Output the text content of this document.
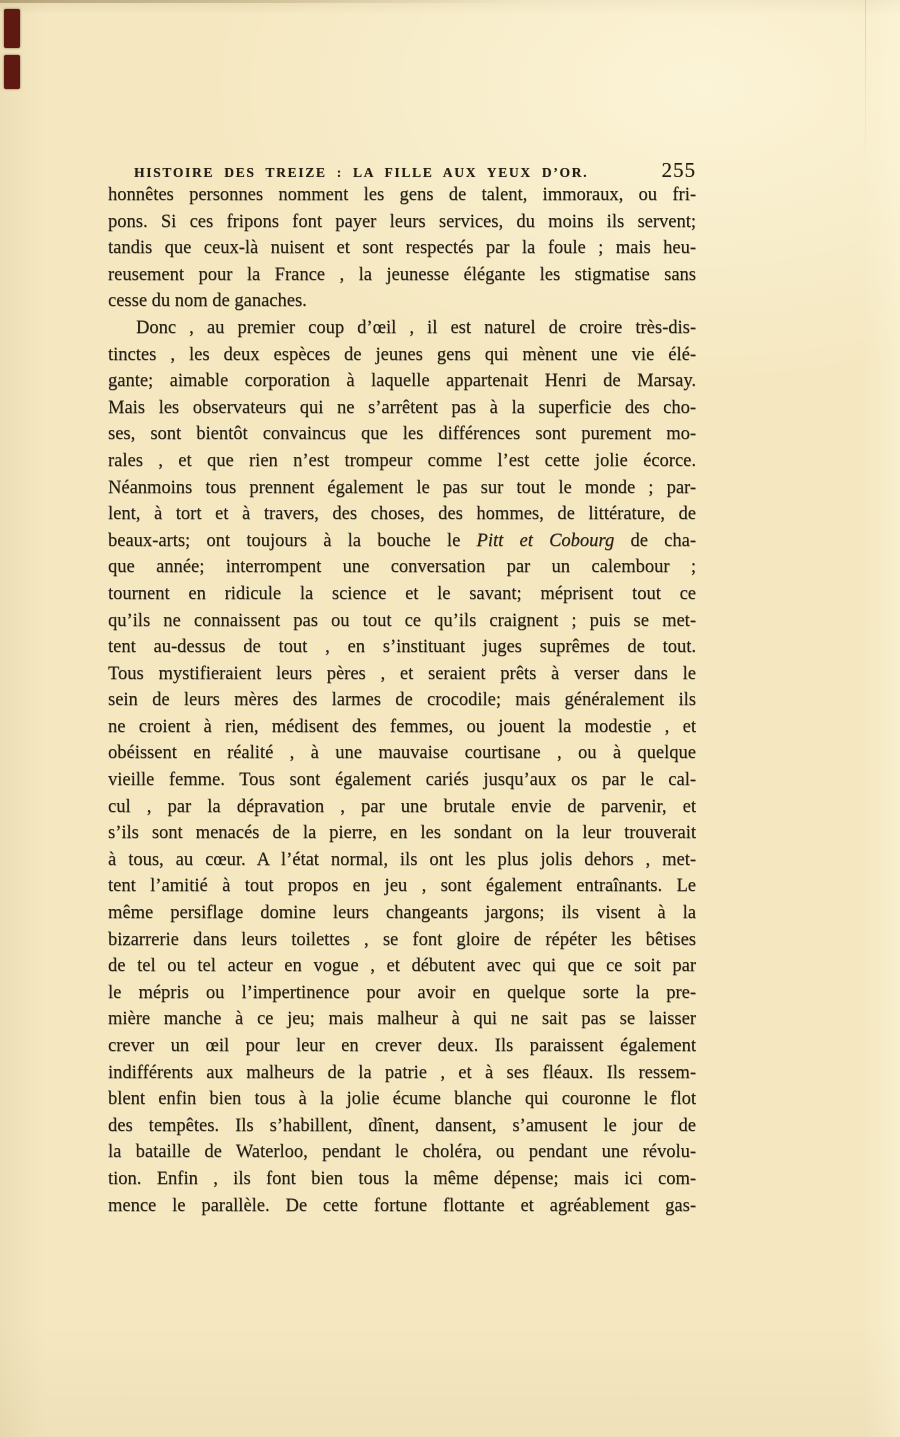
HISTOIRE DES TREIZE : LA FILLE AUX YEUX D’OR.	255
honnêtes personnes nomment les gens de talent, immoraux, ou fri-
pons. Si ces fripons font payer leurs services, du moins ils servent;
tandis que ceux-là nuisent et sont respectés par la foule ; mais heu-
reusement pour la France , la jeunesse élégante les stigmatise sans
cesse du nom de ganaches.
Donc , au premier coup d’œil , il est naturel de croire très-dis-
tinctes , les deux espèces de jeunes gens qui mènent une vie élé-
gante; aimable corporation à laquelle appartenait Henri de Marsay.
Mais les observateurs qui ne s’arrêtent pas à la superficie des cho-
ses, sont bientôt convaincus que les différences sont purement mo-
rales , et que rien n’est trompeur comme l’est cette jolie écorce.
Néanmoins tous prennent également le pas sur tout le monde ; par-
lent, à tort et à travers, des choses, des hommes, de littérature, de
beaux-arts; ont toujours à la bouche le Pitt et Cobourg de cha-
que année; interrompent une conversation par un calembour ;
tournent en ridicule la science et le savant; méprisent tout ce
qu’ils ne connaissent pas ou tout ce qu’ils craignent ; puis se met-
tent au-dessus de tout , en s’instituant juges suprêmes de tout.
Tous mystifieraient leurs pères , et seraient prêts à verser dans le
sein de leurs mères des larmes de crocodile; mais généralement ils
ne croient à rien, médisent des femmes, ou jouent la modestie , et
obéissent en réalité , à une mauvaise courtisane , ou à quelque
vieille femme. Tous sont également cariés jusqu’aux os par le cal-
cul , par la dépravation , par une brutale envie de parvenir, et
s’ils sont menacés de la pierre, en les sondant on la leur trouverait
à tous, au cœur. A l’état normal, ils ont les plus jolis dehors , met-
tent l’amitié à tout propos en jeu , sont également entraînants. Le
même persiflage domine leurs changeants jargons; ils visent à la
bizarrerie dans leurs toilettes , se font gloire de répéter les bêtises
de tel ou tel acteur en vogue , et débutent avec qui que ce soit par
le mépris ou l’impertinence pour avoir en quelque sorte la pre-
mière manche à ce jeu; mais malheur à qui ne sait pas se laisser
crever un œil pour leur en crever deux. Ils paraissent également
indifférents aux malheurs de la patrie , et à ses fléaux. Ils ressem-
blent enfin bien tous à la jolie écume blanche qui couronne le flot
des tempêtes. Ils s’habillent, dînent, dansent, s’amusent le jour de
la bataille de Waterloo, pendant le choléra, ou pendant une révolu-
tion. Enfin , ils font bien tous la même dépense; mais ici com-
mence le parallèle. De cette fortune flottante et agréablement gas-
